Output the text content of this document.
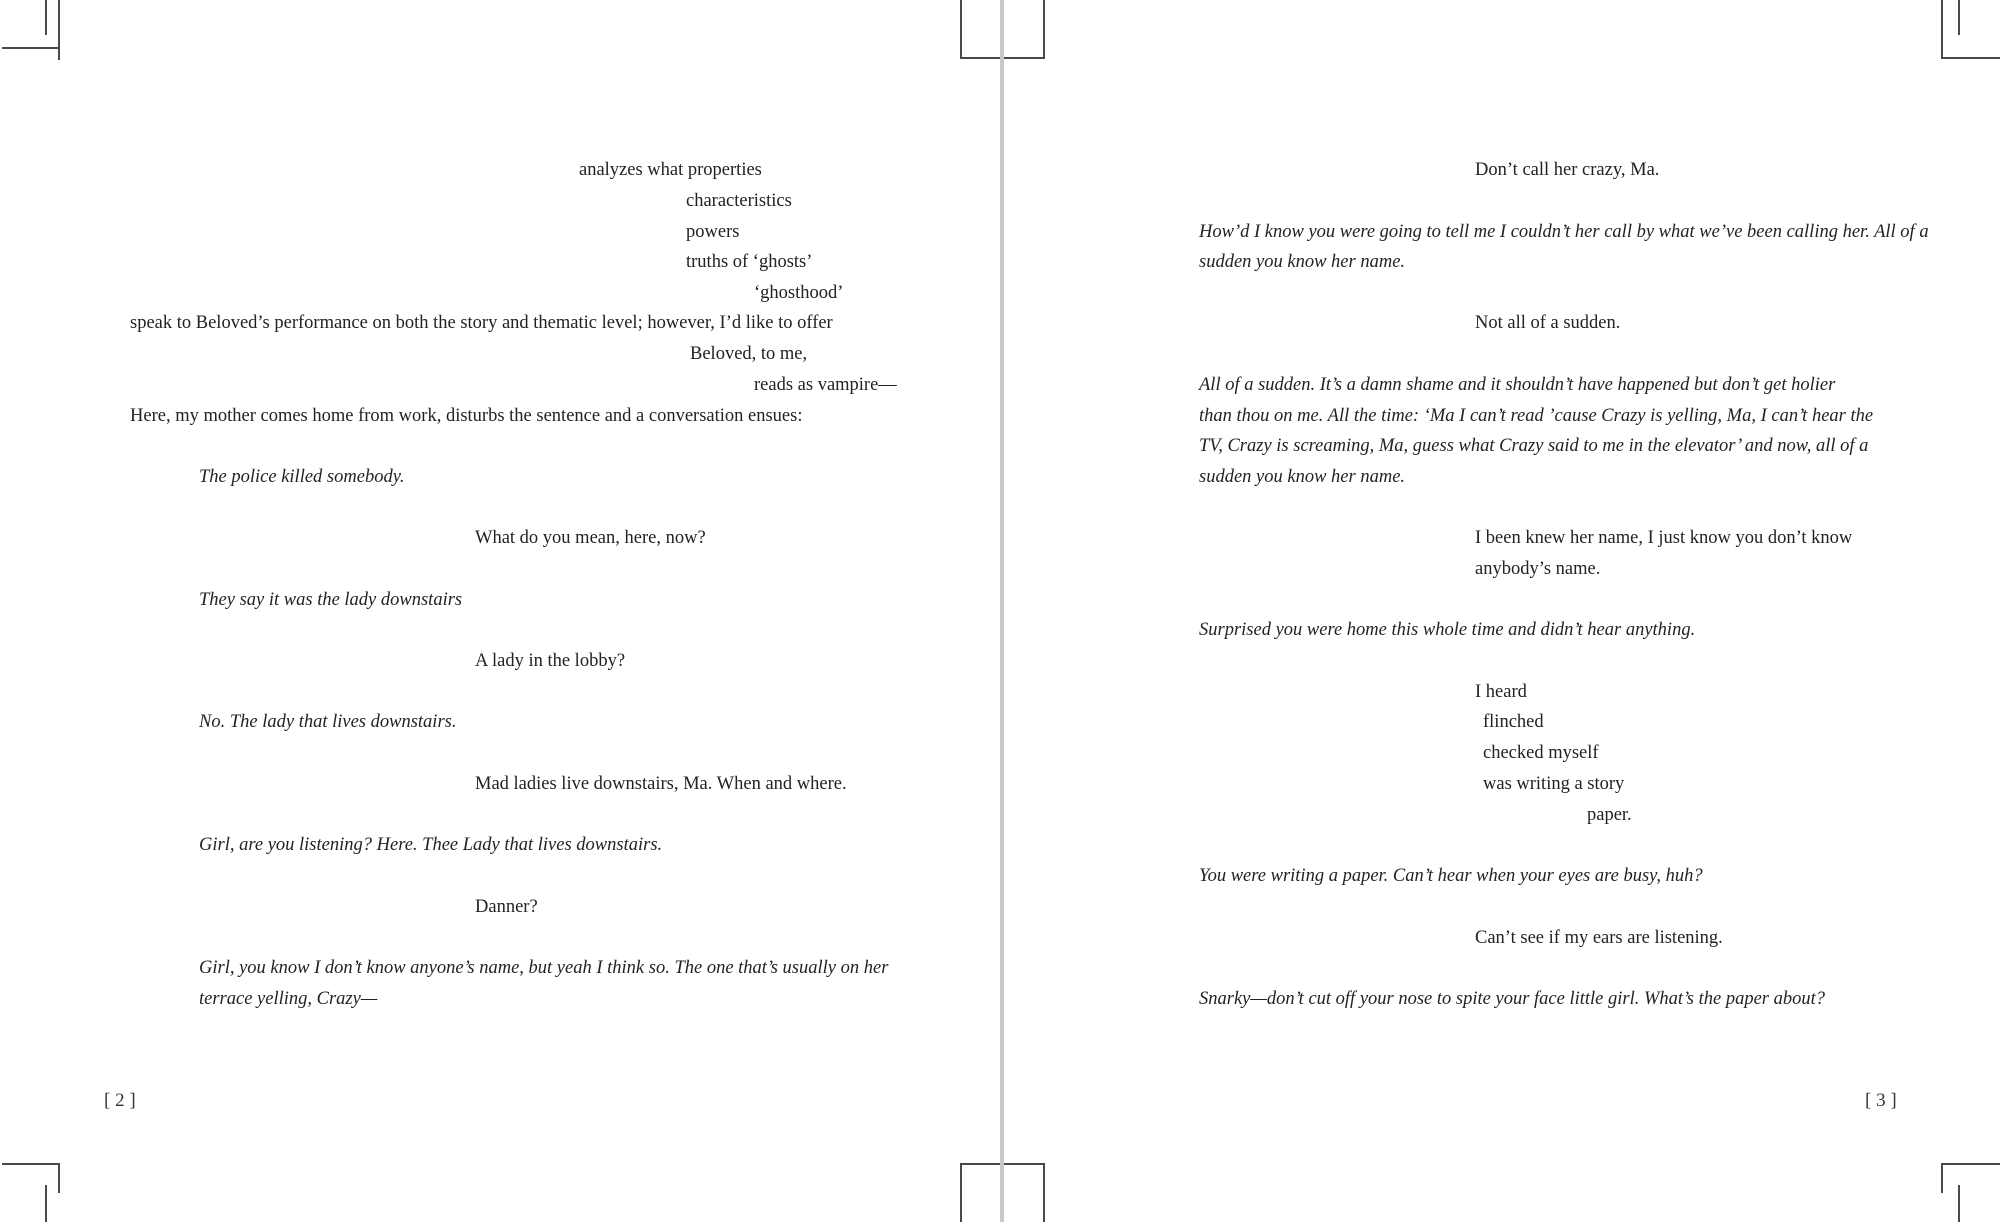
analyzes what properties

characteristics

powers

truths of ‘ghosts’

‘ghosthood’

speak to Beloved’s performance on both the story and thematic level; however, I’d like to offer

Beloved, to me,

reads as vampire—

Here, my mother comes home from work, disturbs the sentence and a conversation ensues:

The police killed somebody.

What do you mean, here, now?

They say it was the lady downstairs

A lady in the lobby?

No. The lady that lives downstairs.

Mad ladies live downstairs, Ma. When and where.

Girl, are you listening? Here. Thee Lady that lives downstairs.

Danner?

Girl, you know I don’t know anyone’s name, but yeah I think so. The one that’s usually on her

terrace yelling, Crazy—

[ 2 ]

Don’t call her crazy, Ma.

How’d I know you were going to tell me I couldn’t her call by what we’ve been calling her. All of a

sudden you know her name.

Not all of a sudden.

All of a sudden. It’s a damn shame and it shouldn’t have happened but don’t get holier

than thou on me. All the time: ‘Ma I can’t read ’cause Crazy is yelling, Ma, I can’t hear the

TV, Crazy is screaming, Ma, guess what Crazy said to me in the elevator’ and now, all of a

sudden you know her name.

I been knew her name, I just know you don’t know

anybody’s name.

Surprised you were home this whole time and didn’t hear anything.

I heard

flinched

checked myself

was writing a story

paper.

You were writing a paper. Can’t hear when your eyes are busy, huh?

Can’t see if my ears are listening.

Snarky—don’t cut off your nose to spite your face little girl. What’s the paper about?

[ 3 ]
